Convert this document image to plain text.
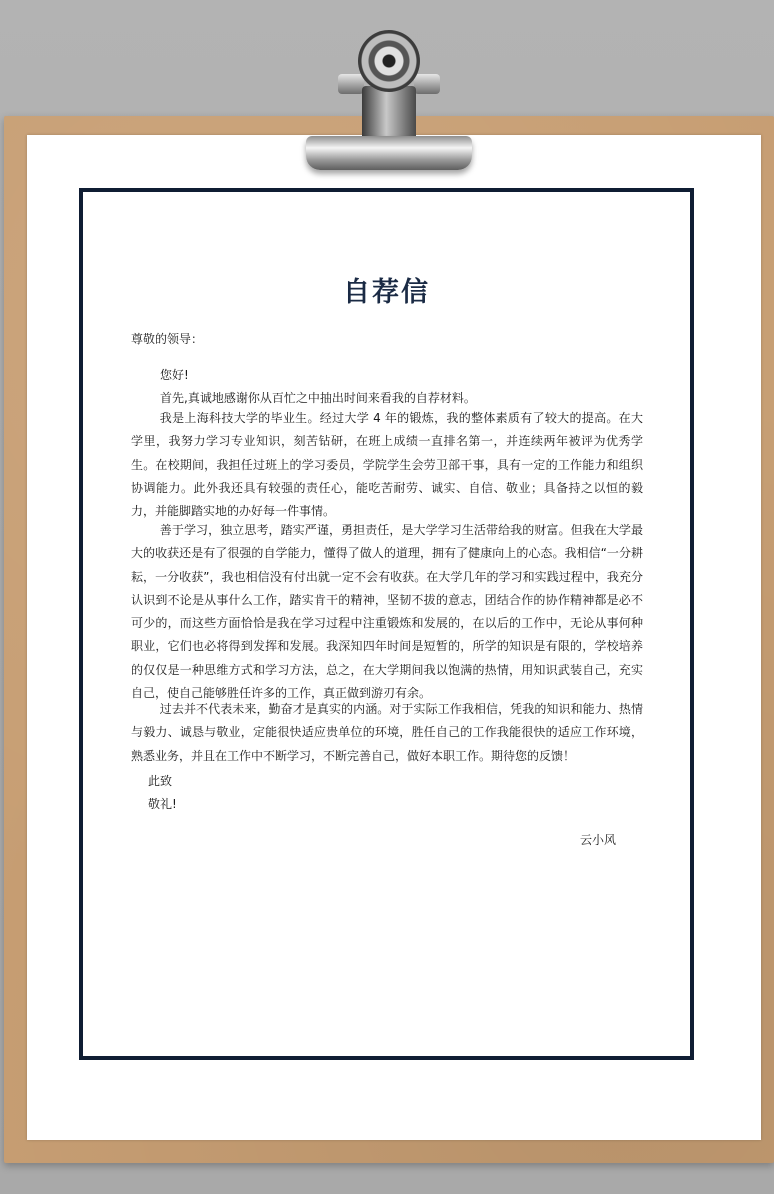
自荐信
尊敬的领导：
您好!
首先,真诚地感谢你从百忙之中抽出时间来看我的自荐材料。
我是上海科技大学的毕业生。经过大学 4 年的锻炼，我的整体素质有了较大的提高。在大学里，我努力学习专业知识，刻苦钻研，在班上成绩一直排名第一，并连续两年被评为优秀学生。在校期间，我担任过班上的学习委员，学院学生会劳卫部干事，具有一定的工作能力和组织协调能力。此外我还具有较强的责任心，能吃苦耐劳、诚实、自信、敬业；具备持之以恒的毅力，并能脚踏实地的办好每一件事情。
善于学习，独立思考，踏实严谨，勇担责任，是大学学习生活带给我的财富。但我在大学最大的收获还是有了很强的自学能力，懂得了做人的道理，拥有了健康向上的心态。我相信“一分耕耘，一分收获”，我也相信没有付出就一定不会有收获。在大学几年的学习和实践过程中，我充分认识到不论是从事什么工作，踏实肯干的精神，坚韧不拔的意志，团结合作的协作精神都是必不可少的，而这些方面恰恰是我在学习过程中注重锻炼和发展的，在以后的工作中，无论从事何种职业，它们也必将得到发挥和发展。我深知四年时间是短暂的，所学的知识是有限的，学校培养的仅仅是一种思维方式和学习方法，总之，在大学期间我以饱满的热情，用知识武装自己，充实自己，使自己能够胜任许多的工作，真正做到游刃有余。
过去并不代表未来，勤奋才是真实的内涵。对于实际工作我相信，凭我的知识和能力、热情与毅力、诚恳与敬业，定能很快适应贵单位的环境，胜任自己的工作我能很快的适应工作环境，熟悉业务，并且在工作中不断学习，不断完善自己，做好本职工作。期待您的反馈！
此致
敬礼!
云小风
